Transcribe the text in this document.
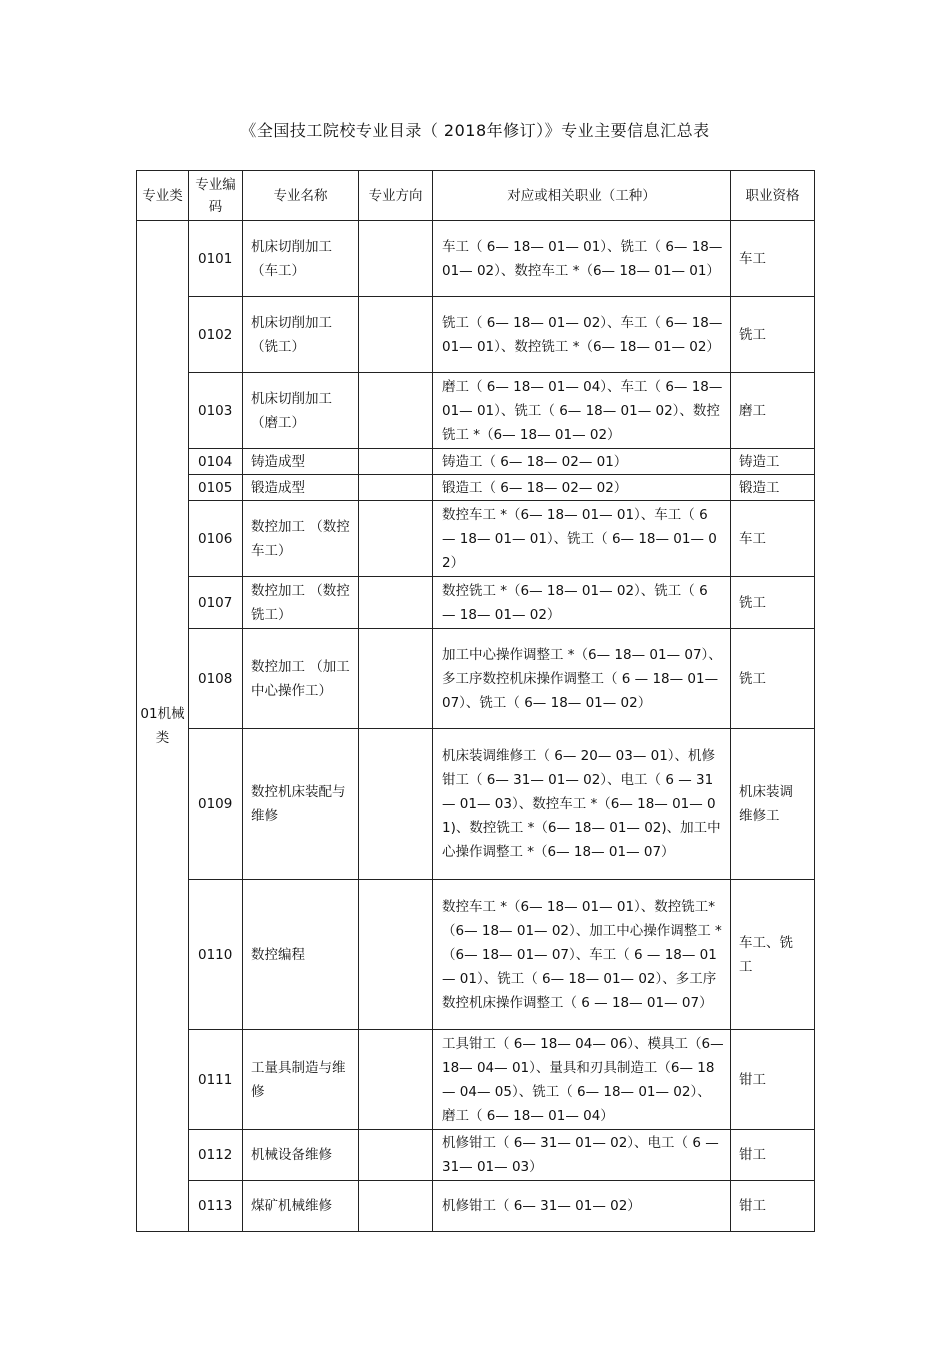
《全国技工院校专业目录（ 2018年修订）》专业主要信息汇总表
专业类	专业编码	专业名称	专业方向	对应或相关职业（工种）	职业资格
01机械类	0101	机床切削加工（车工）		车工（ 6— 18— 01— 01）、铣工（ 6— 18— 01— 02）、数控车工 *（6— 18— 01— 01）	车工
	0102	机床切削加工（铣工）		铣工（ 6— 18— 01— 02）、车工（ 6— 18— 01— 01）、数控铣工 *（6— 18— 01— 02）	铣工
	0103	机床切削加工（磨工）		磨工（ 6— 18— 01— 04）、车工（ 6— 18— 01— 01）、铣工（ 6— 18— 01— 02）、数控铣工 *（6— 18— 01— 02）	磨工
	0104	铸造成型		铸造工（ 6— 18— 02— 01）	铸造工
	0105	锻造成型		锻造工（ 6— 18— 02— 02）	锻造工
	0106	数控加工 （数控车工）		数控车工 *（6— 18— 01— 01）、车工（ 6 — 18— 01— 01）、铣工（ 6— 18— 01— 02）	车工
	0107	数控加工 （数控铣工）		数控铣工 *（6— 18— 01— 02）、铣工（ 6 — 18— 01— 02）	铣工
	0108	数控加工 （加工中心操作工）		加工中心操作调整工 *（6— 18— 01— 07）、多工序数控机床操作调整工（ 6 — 18— 01— 07）、铣工（ 6— 18— 01— 02）	铣工
	0109	数控机床装配与维修		机床装调维修工（ 6— 20— 03— 01）、机修钳工（ 6— 31— 01— 02）、电工（ 6 — 31— 01— 03）、数控车工 *（6— 18— 01— 01)、数控铣工 *（6— 18— 01— 02)、加工中心操作调整工 *（6— 18— 01— 07）	机床装调维修工
	0110	数控编程		数控车工 *（6— 18— 01— 01）、数控铣工*（6— 18— 01— 02）、加工中心操作调整工 *（6— 18— 01— 07）、车工（ 6 — 18— 01— 01）、铣工（ 6— 18— 01— 02）、多工序数控机床操作调整工（ 6 — 18— 01— 07）	车工、铣工
	0111	工量具制造与维修		工具钳工（ 6— 18— 04— 06）、模具工（6— 18— 04— 01）、量具和刃具制造工（6— 18— 04— 05）、铣工（ 6— 18— 01— 02）、磨工（ 6— 18— 01— 04）	钳工
	0112	机械设备维修		机修钳工（ 6— 31— 01— 02）、电工（ 6 — 31— 01— 03）	钳工
	0113	煤矿机械维修		机修钳工（ 6— 31— 01— 02）	钳工
